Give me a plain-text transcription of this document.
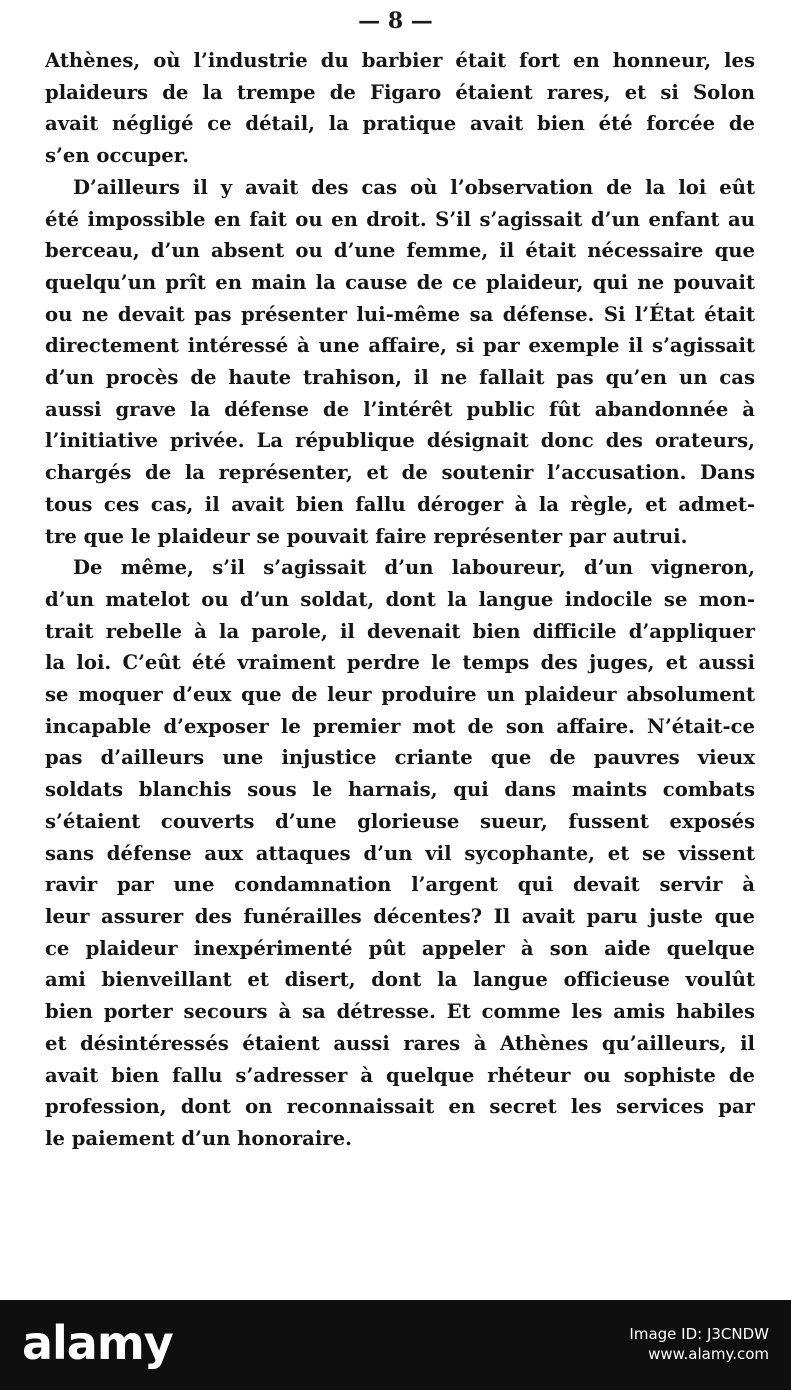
— 8 —
Athènes, où l’industrie du barbier était fort en honneur, les
plaideurs de la trempe de Figaro étaient rares, et si Solon
avait négligé ce détail, la pratique avait bien été forcée de
s’en occuper.
D’ailleurs il y avait des cas où l’observation de la loi eût
été impossible en fait ou en droit. S’il s’agissait d’un enfant au
berceau, d’un absent ou d’une femme, il était nécessaire que
quelqu’un prît en main la cause de ce plaideur, qui ne pouvait
ou ne devait pas présenter lui-même sa défense. Si l’État était
directement intéressé à une affaire, si par exemple il s’agissait
d’un procès de haute trahison, il ne fallait pas qu’en un cas
aussi grave la défense de l’intérêt public fût abandonnée à
l’initiative privée. La république désignait donc des orateurs,
chargés de la représenter, et de soutenir l’accusation. Dans
tous ces cas, il avait bien fallu déroger à la règle, et admet-
tre que le plaideur se pouvait faire représenter par autrui.
De même, s’il s’agissait d’un laboureur, d’un vigneron,
d’un matelot ou d’un soldat, dont la langue indocile se mon-
trait rebelle à la parole, il devenait bien difficile d’appliquer
la loi. C’eût été vraiment perdre le temps des juges, et aussi
se moquer d’eux que de leur produire un plaideur absolument
incapable d’exposer le premier mot de son affaire. N’était-ce
pas d’ailleurs une injustice criante que de pauvres vieux
soldats blanchis sous le harnais, qui dans maints combats
s’étaient couverts d’une glorieuse sueur, fussent exposés
sans défense aux attaques d’un vil sycophante, et se vissent
ravir par une condamnation l’argent qui devait servir à
leur assurer des funérailles décentes? Il avait paru juste que
ce plaideur inexpérimenté pût appeler à son aide quelque
ami bienveillant et disert, dont la langue officieuse voulût
bien porter secours à sa détresse. Et comme les amis habiles
et désintéressés étaient aussi rares à Athènes qu’ailleurs, il
avait bien fallu s’adresser à quelque rhéteur ou sophiste de
profession, dont on reconnaissait en secret les services par
le paiement d’un honoraire.
alamy	Image ID: J3CNDW
www.alamy.com
